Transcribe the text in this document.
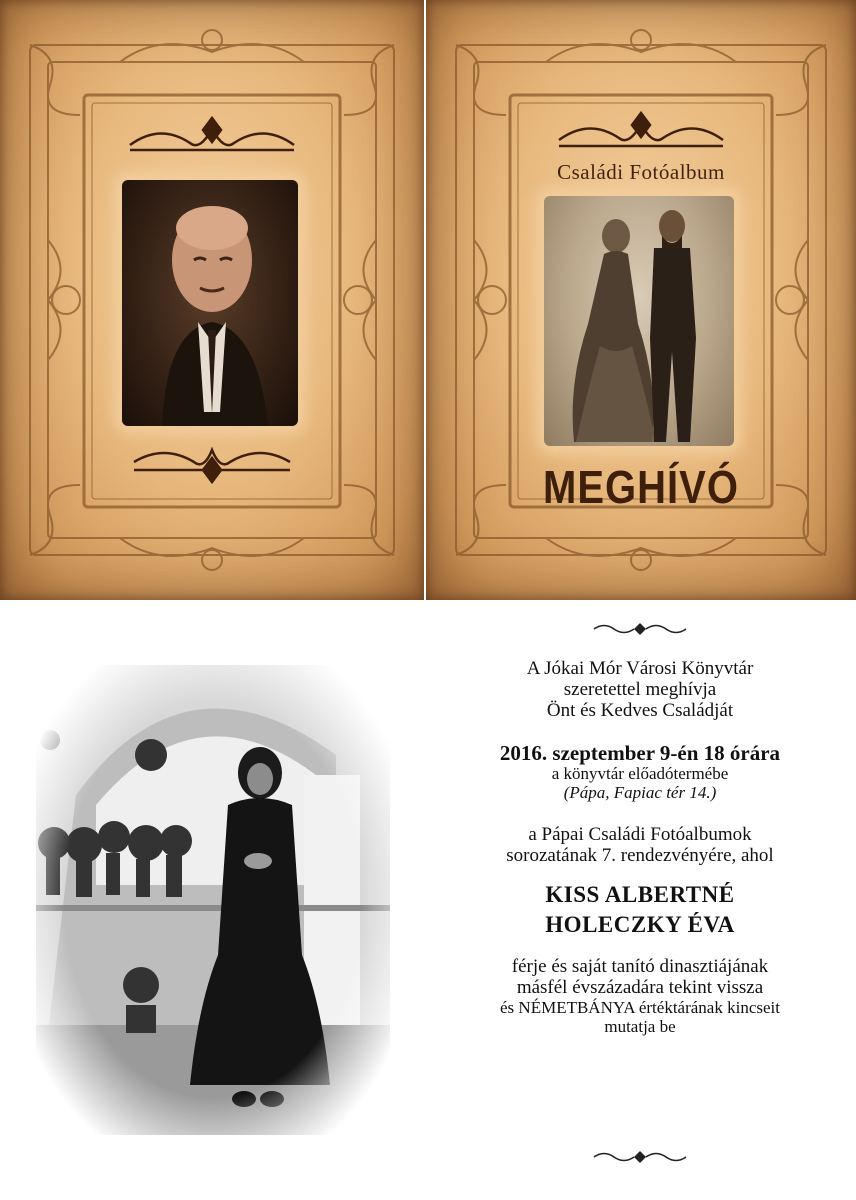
Családi Fotóalbum
MEGHÍVÓ
A Jókai Mór Városi Könyvtár
szeretettel meghívja
Önt és Kedves Családját
2016. szeptember 9-én 18 órára
a könyvtár előadótermébe
(Pápa, Fapiac tér 14.)
a Pápai Családi Fotóalbumok
sorozatának 7. rendezvényére, ahol
KISS ALBERTNÉ
HOLECZKY ÉVA
férje és saját tanító dinasztiájának
másfél évszázadára tekint vissza
és NÉMETBÁNYA értéktárának kincseit
mutatja be
